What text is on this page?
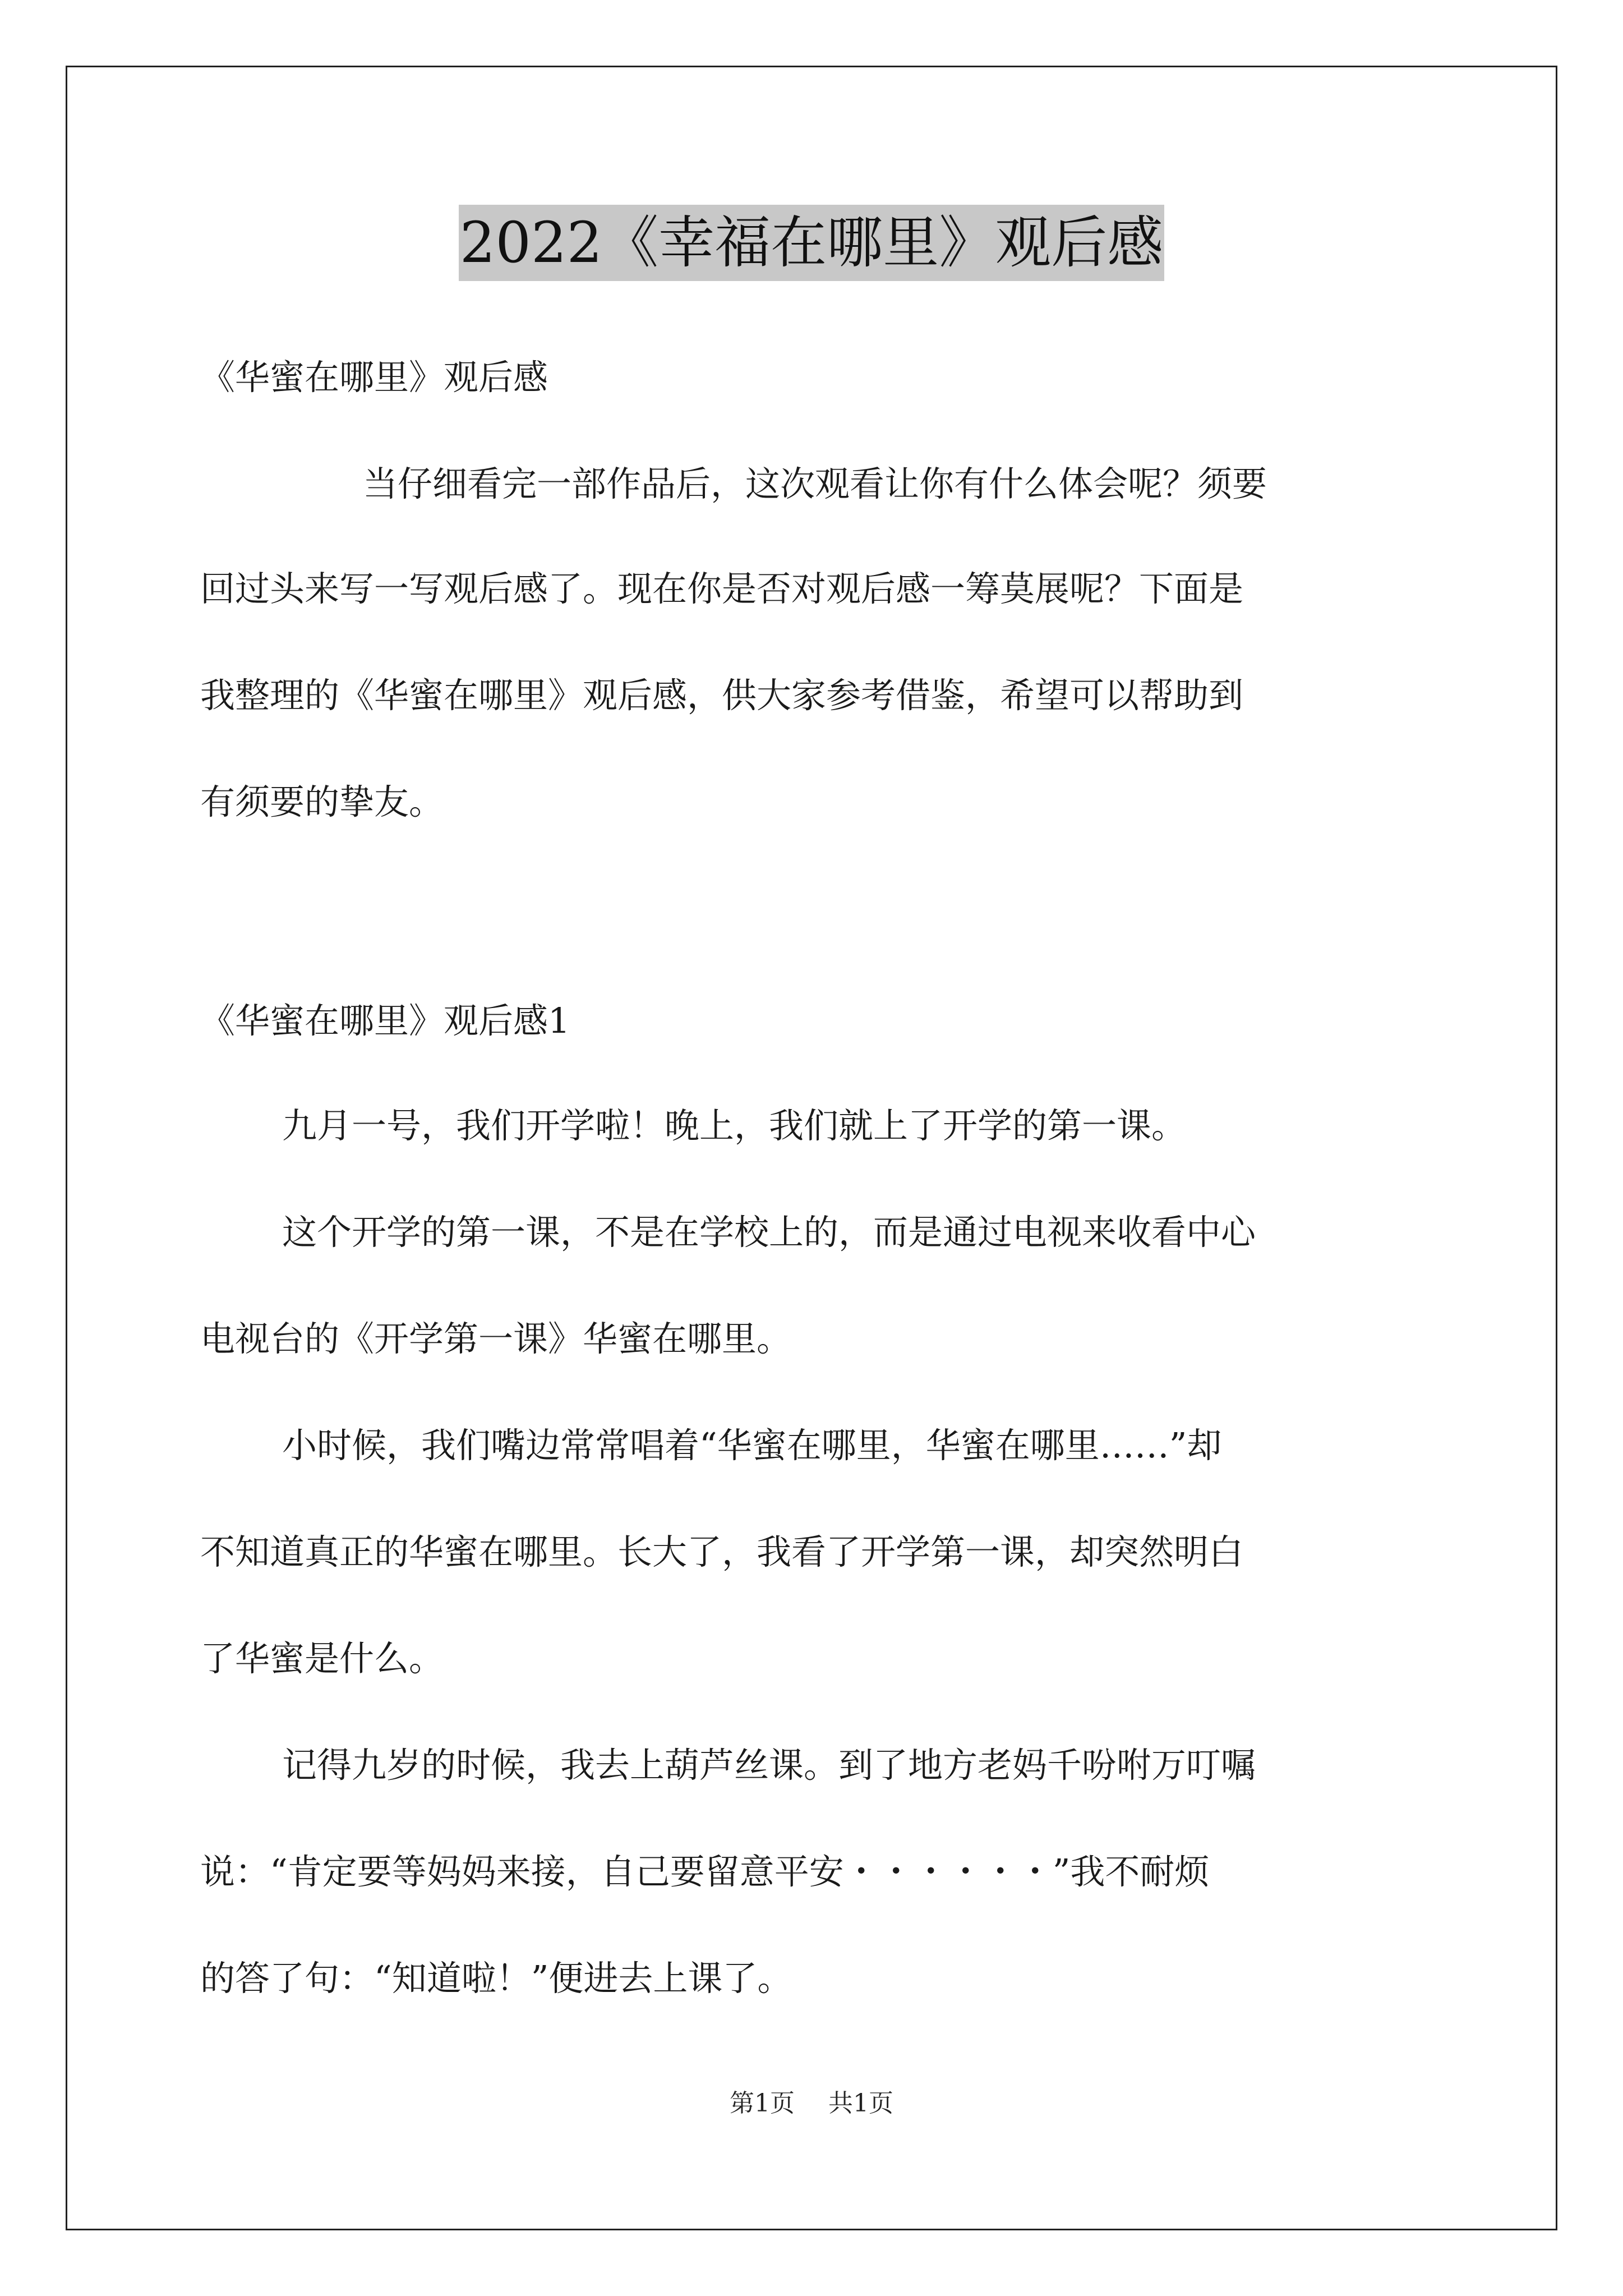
2022《幸福在哪里》观后感
《华蜜在哪里》观后感
当仔细看完一部作品后，这次观看让你有什么体会呢？须要
回过头来写一写观后感了。现在你是否对观后感一筹莫展呢？下面是
我整理的《华蜜在哪里》观后感，供大家参考借鉴，希望可以帮助到
有须要的挚友。
《华蜜在哪里》观后感1
九月一号，我们开学啦！晚上，我们就上了开学的第一课。
这个开学的第一课，不是在学校上的，而是通过电视来收看中心
电视台的《开学第一课》华蜜在哪里。
小时候，我们嘴边常常唱着“华蜜在哪里，华蜜在哪里……”却
不知道真正的华蜜在哪里。长大了，我看了开学第一课，却突然明白
了华蜜是什么。
记得九岁的时候，我去上葫芦丝课。到了地方老妈千吩咐万叮嘱
说：“肯定要等妈妈来接，自己要留意平安・・・・・・”我不耐烦
的答了句：“知道啦！”便进去上课了。
第1页 共1页
